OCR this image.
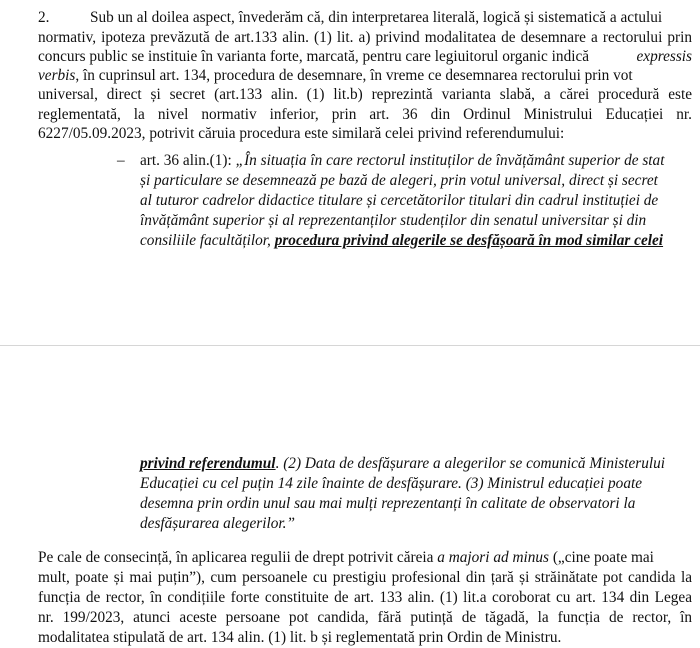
2.	Sub un al doilea aspect, învederăm că, din interpretarea literală, logică și sistematică a actului
normativ, ipoteza prevăzută de art.133 alin. (1) lit. a) privind modalitatea de desemnare a rectorului prin
concurs public se instituie în varianta forte, marcată, pentru care legiuitorul organic indică	expressis
verbis, în cuprinsul art. 134, procedura de desemnare, în vreme ce desemnarea rectorului prin vot
universal, direct și secret (art.133 alin. (1) lit.b) reprezintă varianta slabă, a cărei procedură este
reglementată, la nivel normativ inferior, prin art. 36 din Ordinul Ministrului Educației nr.
6227/05.09.2023, potrivit căruia procedura este similară celei privind referendumului:
– art. 36 alin.(1): „În situația în care rectorul instituților de învățământ superior de stat
și particulare se desemnează pe bază de alegeri, prin votul universal, direct și secret
al tuturor cadrelor didactice titulare și cercetătorilor titulari din cadrul instituției de
învățământ superior și al reprezentanților studenților din senatul universitar și din
consiliile facultăților, procedura privind alegerile se desfășoară în mod similar celei
privind referendumul. (2) Data de desfășurare a alegerilor se comunică Ministerului
Educației cu cel puțin 14 zile înainte de desfășurare. (3) Ministrul educației poate
desemna prin ordin unul sau mai mulți reprezentanți în calitate de observatori la
desfășurarea alegerilor.”
Pe cale de consecință, în aplicarea regulii de drept potrivit căreia a majori ad minus („cine poate mai
mult, poate și mai puțin”), cum persoanele cu prestigiu profesional din țară și străinătate pot candida la
funcția de rector, în condițiile forte constituite de art. 133 alin. (1) lit.a coroborat cu art. 134 din Legea
nr. 199/2023, atunci aceste persoane pot candida, fără putință de tăgadă, la funcția de rector, în
modalitatea stipulată de art. 134 alin. (1) lit. b și reglementată prin Ordin de Ministru.
